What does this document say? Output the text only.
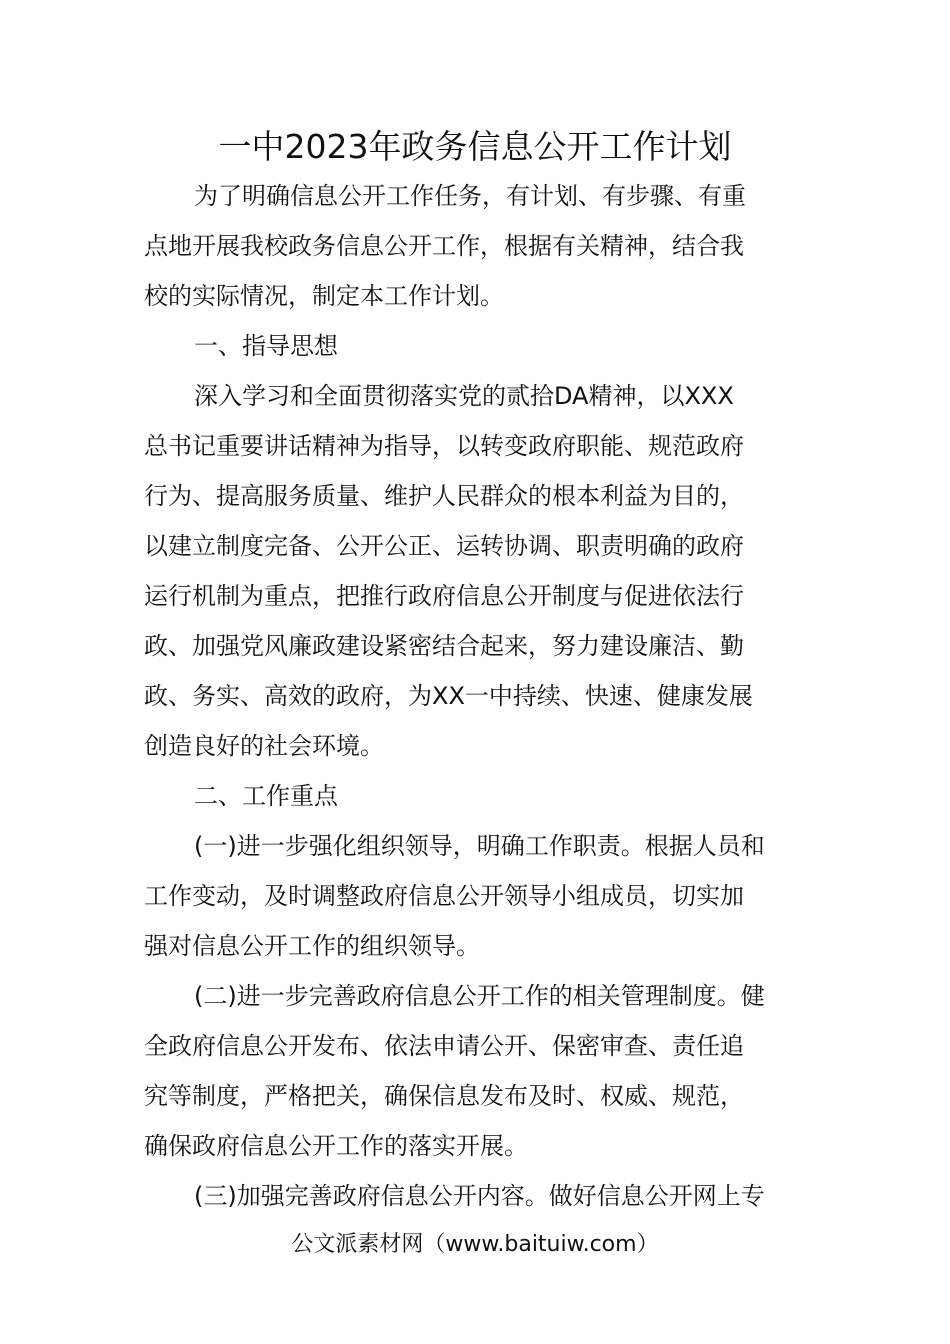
一中2023年政务信息公开工作计划
为了明确信息公开工作任务，有计划、有步骤、有重
点地开展我校政务信息公开工作，根据有关精神，结合我
校的实际情况，制定本工作计划。
一、指导思想
深入学习和全面贯彻落实党的贰拾DA精神，以XXX
总书记重要讲话精神为指导，以转变政府职能、规范政府
行为、提高服务质量、维护人民群众的根本利益为目的，
以建立制度完备、公开公正、运转协调、职责明确的政府
运行机制为重点，把推行政府信息公开制度与促进依法行
政、加强党风廉政建设紧密结合起来，努力建设廉洁、勤
政、务实、高效的政府，为XX一中持续、快速、健康发展
创造良好的社会环境。
二、工作重点
(一)进一步强化组织领导，明确工作职责。根据人员和
工作变动，及时调整政府信息公开领导小组成员，切实加
强对信息公开工作的组织领导。
(二)进一步完善政府信息公开工作的相关管理制度。健
全政府信息公开发布、依法申请公开、保密审查、责任追
究等制度，严格把关，确保信息发布及时、权威、规范，
确保政府信息公开工作的落实开展。
(三)加强完善政府信息公开内容。做好信息公开网上专
公文派素材网（www.baituiw.com）
